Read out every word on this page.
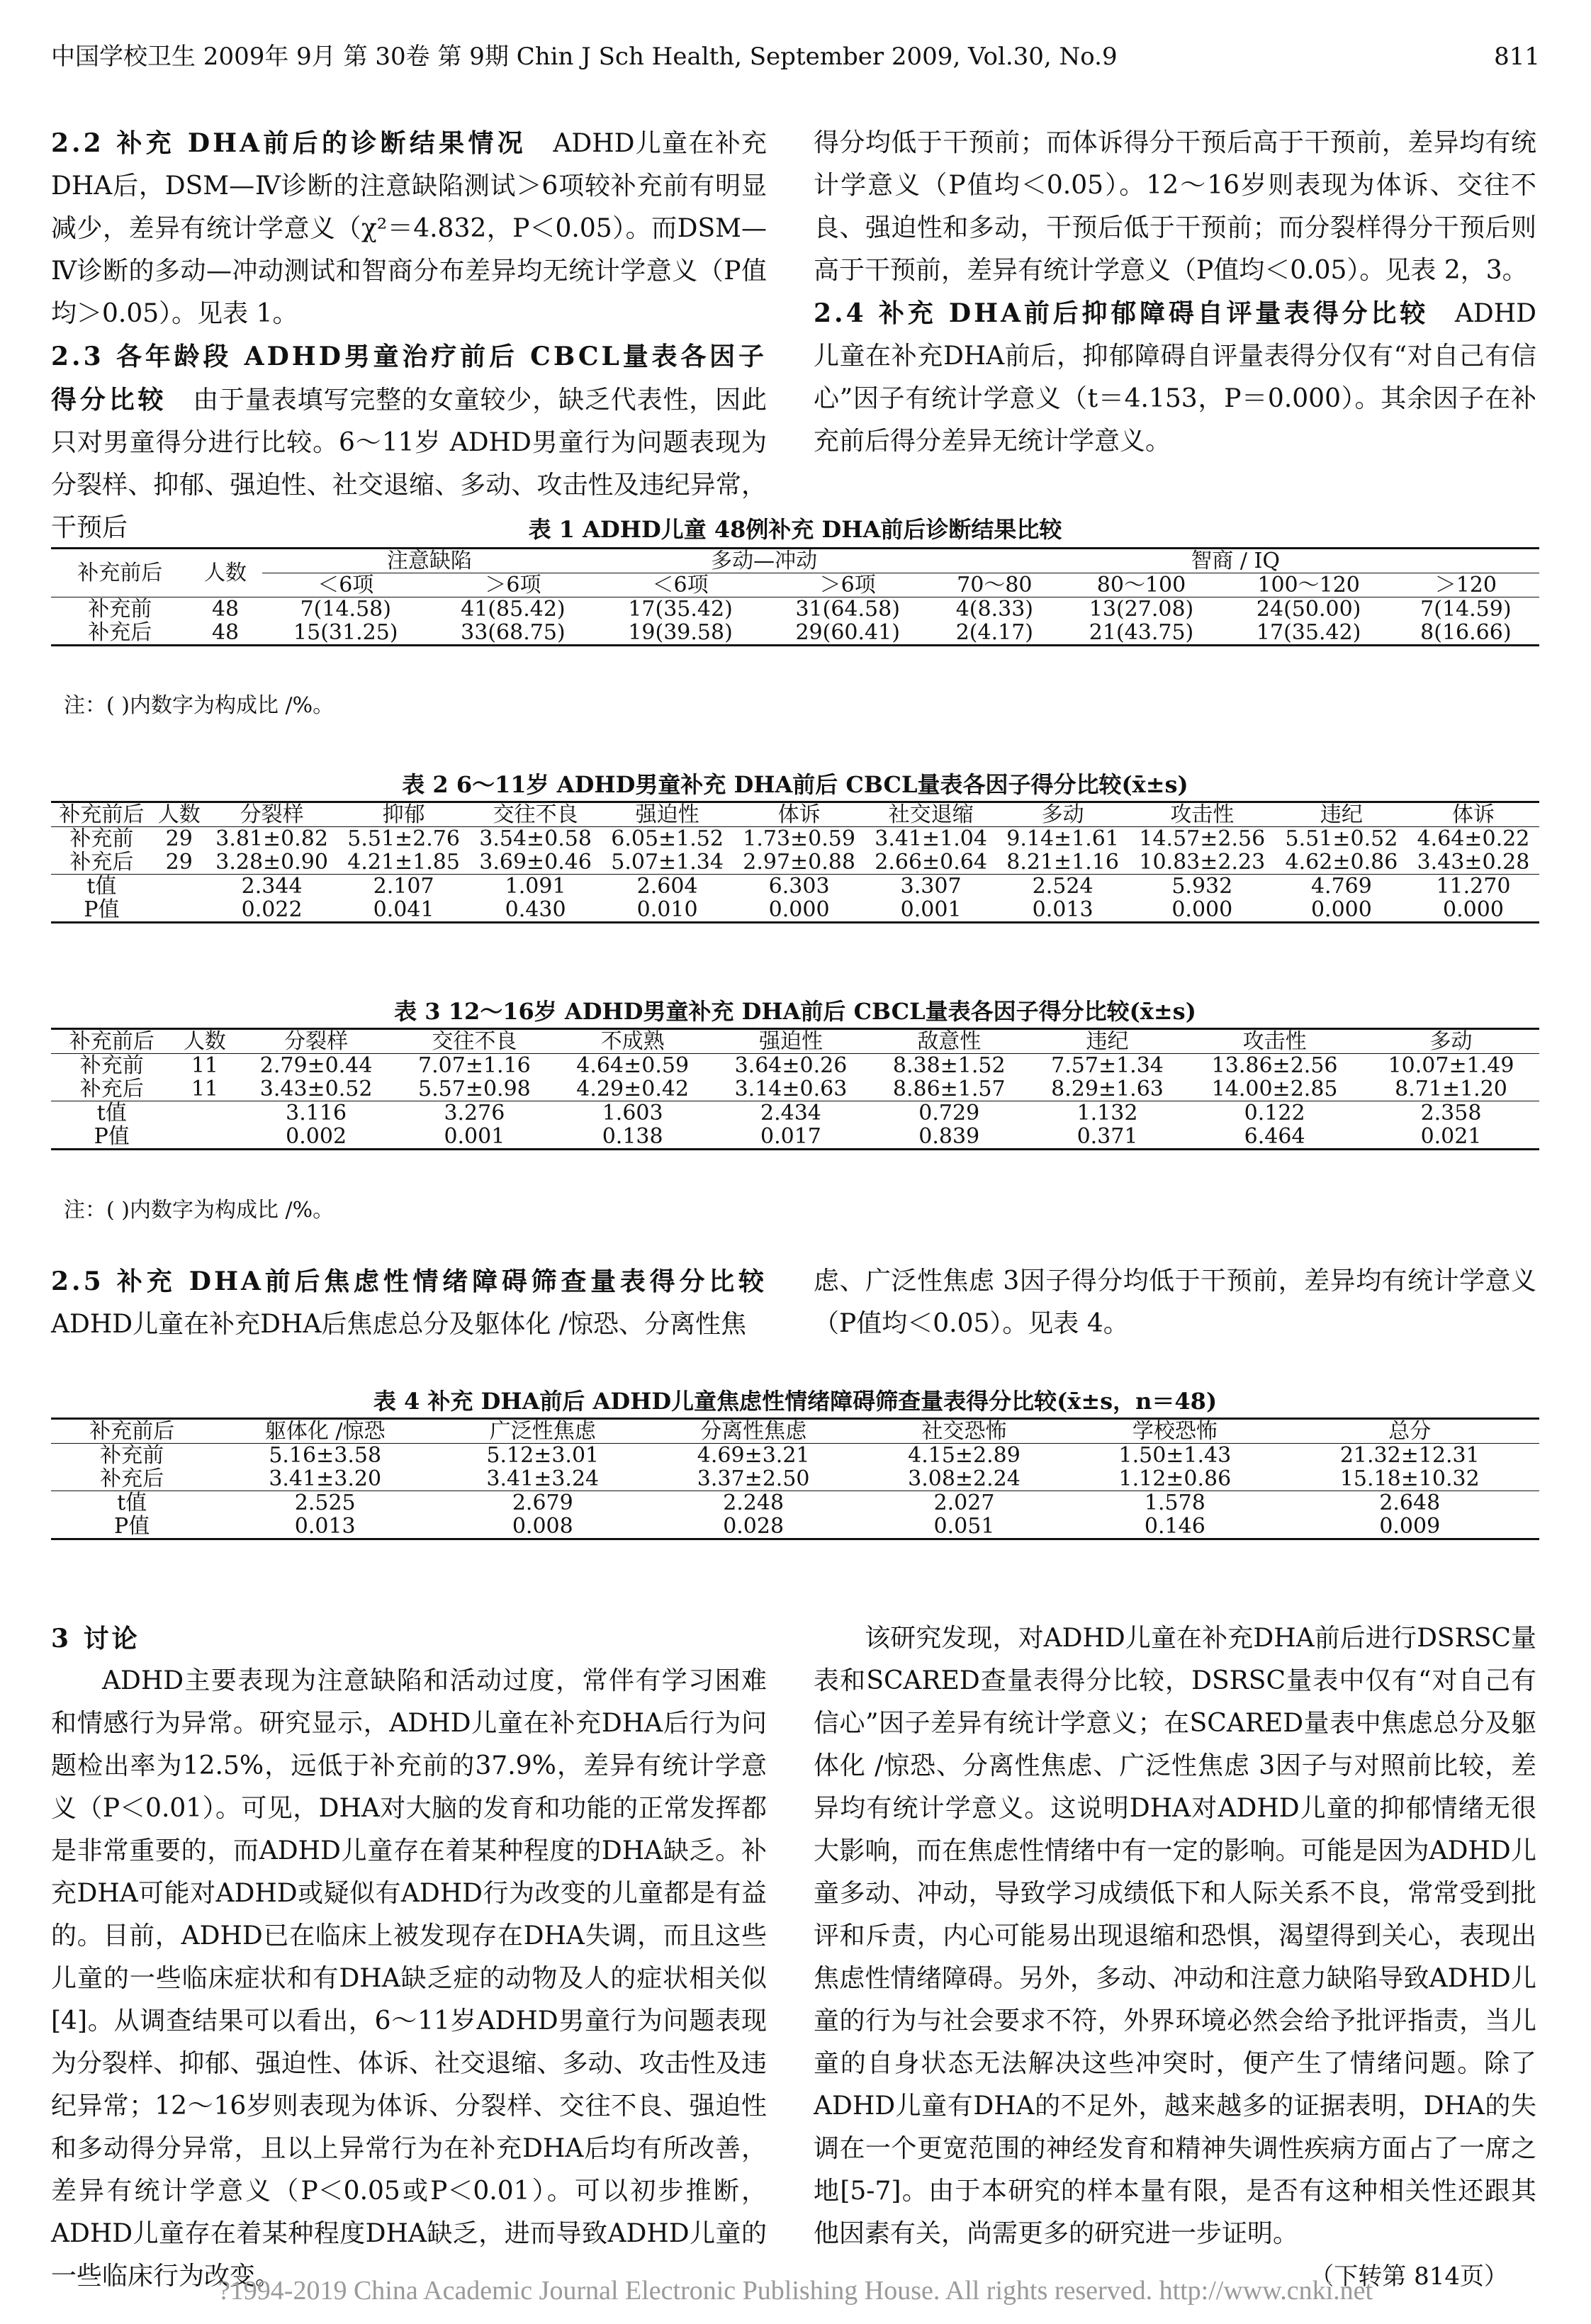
中国学校卫生 2009年 9月 第 30卷 第 9期 Chin J Sch Health, September 2009, Vol.30, No.9	811

2.2 补充 DHA前后的诊断结果情况　 ADHD儿童在补充DHA后，DSM—Ⅳ诊断的注意缺陷测试＞6项较补充前有明显减少，差异有统计学意义（χ²＝4.832，P＜0.05）。而DSM—Ⅳ诊断的多动—冲动测试和智商分布差异均无统计学意义（P值均＞0.05）。见表 1。

2.3 各年龄段 ADHD男童治疗前后 CBCL量表各因子得分比较　 由于量表填写完整的女童较少，缺乏代表性，因此只对男童得分进行比较。6～11岁 ADHD男童行为问题表现为分裂样、抑郁、强迫性、社交退缩、多动、攻击性及违纪异常，干预后

得分均低于干预前；而体诉得分干预后高于干预前，差异均有统计学意义（P值均＜0.05）。12～16岁则表现为体诉、交往不良、强迫性和多动，干预后低于干预前；而分裂样得分干预后则高于干预前，差异有统计学意义（P值均＜0.05）。见表 2，3。

2.4 补充 DHA前后抑郁障碍自评量表得分比较　 ADHD儿童在补充DHA前后，抑郁障碍自评量表得分仅有“对自己有信心”因子有统计学意义（t＝4.153，P＝0.000）。其余因子在补充前后得分差异无统计学意义。

表 1 ADHD儿童 48例补充 DHA前后诊断结果比较
补充前后	人数	注意缺陷		多动—冲动		智商 / IQ			
		＜6项	＞6项	＜6项	＞6项	70～80	80～100	100～120	＞120
补充前	48	7(14.58)	41(85.42)	17(35.42)	31(64.58)	4(8.33)	13(27.08)	24(50.00)	7(14.59)
补充后	48	15(31.25)	33(68.75)	19(39.58)	29(60.41)	2(4.17)	21(43.75)	17(35.42)	8(16.66)
注：( )内数字为构成比 /%。
表 2 6～11岁 ADHD男童补充 DHA前后 CBCL量表各因子得分比较(x̄±s)
补充前后	人数	分裂样	抑郁	交往不良	强迫性	体诉	社交退缩	多动	攻击性	违纪	体诉
补充前	29	3.81±0.82	5.51±2.76	3.54±0.58	6.05±1.52	1.73±0.59	3.41±1.04	9.14±1.61	14.57±2.56	5.51±0.52	4.64±0.22
补充后	29	3.28±0.90	4.21±1.85	3.69±0.46	5.07±1.34	2.97±0.88	2.66±0.64	8.21±1.16	10.83±2.23	4.62±0.86	3.43±0.28
t值		2.344	2.107	1.091	2.604	6.303	3.307	2.524	5.932	4.769	11.270
P值		0.022	0.041	0.430	0.010	0.000	0.001	0.013	0.000	0.000	0.000
表 3 12～16岁 ADHD男童补充 DHA前后 CBCL量表各因子得分比较(x̄±s)
补充前后	人数	分裂样	交往不良	不成熟	强迫性	敌意性	违纪	攻击性	多动
补充前	11	2.79±0.44	7.07±1.16	4.64±0.59	3.64±0.26	8.38±1.52	7.57±1.34	13.86±2.56	10.07±1.49
补充后	11	3.43±0.52	5.57±0.98	4.29±0.42	3.14±0.63	8.86±1.57	8.29±1.63	14.00±2.85	8.71±1.20
t值		3.116	3.276	1.603	2.434	0.729	1.132	0.122	2.358
P值		0.002	0.001	0.138	0.017	0.839	0.371	6.464	0.021
注：( )内数字为构成比 /%。

2.5 补充 DHA前后焦虑性情绪障碍筛查量表得分比较　ADHD儿童在补充DHA后焦虑总分及躯体化 /惊恐、分离性焦

虑、广泛性焦虑 3因子得分均低于干预前，差异均有统计学意义（P值均＜0.05）。见表 4。

表 4 补充 DHA前后 ADHD儿童焦虑性情绪障碍筛查量表得分比较(x̄±s，n＝48)
补充前后	躯体化 /惊恐	广泛性焦虑	分离性焦虑	社交恐怖	学校恐怖	总分
补充前	5.16±3.58	5.12±3.01	4.69±3.21	4.15±2.89	1.50±1.43	21.32±12.31
补充后	3.41±3.20	3.41±3.24	3.37±2.50	3.08±2.24	1.12±0.86	15.18±10.32
t值	2.525	2.679	2.248	2.027	1.578	2.648
P值	0.013	0.008	0.028	0.051	0.146	0.009

3 讨论

ADHD主要表现为注意缺陷和活动过度，常伴有学习困难和情感行为异常。研究显示，ADHD儿童在补充DHA后行为问题检出率为12.5%，远低于补充前的37.9%，差异有统计学意义（P＜0.01）。可见，DHA对大脑的发育和功能的正常发挥都是非常重要的，而ADHD儿童存在着某种程度的DHA缺乏。补充DHA可能对ADHD或疑似有ADHD行为改变的儿童都是有益的。目前，ADHD已在临床上被发现存在DHA失调，而且这些儿童的一些临床症状和有DHA缺乏症的动物及人的症状相关似[4]。从调查结果可以看出，6～11岁ADHD男童行为问题表现为分裂样、抑郁、强迫性、体诉、社交退缩、多动、攻击性及违纪异常；12～16岁则表现为体诉、分裂样、交往不良、强迫性和多动得分异常，且以上异常行为在补充DHA后均有所改善，差异有统计学意义（P＜0.05或P＜0.01）。可以初步推断，ADHD儿童存在着某种程度DHA缺乏，进而导致ADHD儿童的一些临床行为改变。

该研究发现，对ADHD儿童在补充DHA前后进行DSRSC量表和SCARED查量表得分比较，DSRSC量表中仅有“对自己有信心”因子差异有统计学意义；在SCARED量表中焦虑总分及躯体化 /惊恐、分离性焦虑、广泛性焦虑 3因子与对照前比较，差异均有统计学意义。这说明DHA对ADHD儿童的抑郁情绪无很大影响，而在焦虑性情绪中有一定的影响。可能是因为ADHD儿童多动、冲动，导致学习成绩低下和人际关系不良，常常受到批评和斥责，内心可能易出现退缩和恐惧，渴望得到关心，表现出焦虑性情绪障碍。另外，多动、冲动和注意力缺陷导致ADHD儿童的行为与社会要求不符，外界环境必然会给予批评指责，当儿童的自身状态无法解决这些冲突时，便产生了情绪问题。除了ADHD儿童有DHA的不足外，越来越多的证据表明，DHA的失调在一个更宽范围的神经发育和精神失调性疾病方面占了一席之地[5-7]。由于本研究的样本量有限，是否有这种相关性还跟其他因素有关，尚需更多的研究进一步证明。

（下转第 814页）

?1994-2019 China Academic Journal Electronic Publishing House. All rights reserved. http://www.cnki.net
